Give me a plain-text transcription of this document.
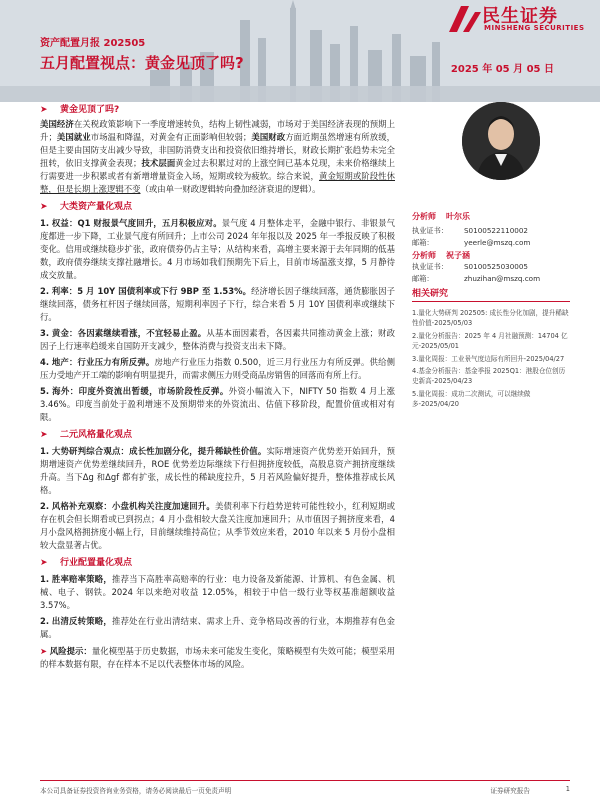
资产配置月报 202505
五月配置视点：黄金见顶了吗?	2025 年 05 月 05 日
民生证券
MINSHENG SECURITIES
➤	黄金见顶了吗?
美国经济在关税政策影响下一季度增速转负，结构上韧性减弱，市场对于美国经济表现的预期上升；美国就业市场温和降温，对黄金有正面影响但较弱；美国财政方面近期虽然增速有所放缓，但是主要由国防支出减少导致，非国防消费支出和投资依旧维持增长，财政长期扩张趋势未完全扭转，依旧支撑黄金表现；技术层面黄金过去积累过对的上涨空间已基本兑现，未来价格继续上行需要进一步积累或者有新增增量资金入场，短期或较为疲软。综合来说，黄金短期或阶段性休整，但是长期上涨逻辑不变（或由单一财政逻辑转向叠加经济衰退的逻辑）。
➤	大类资产量化观点
1. 权益：Q1 财报景气度回升，五月积极应对。景气度 4 月整体走平，金融中银行、非银景气度都进一步下降，工业景气度有所回升；上市公司 2024 年年报以及 2025 年一季报反映了积极变化。信用或继续稳步扩张，政府债券仍占主导；从结构来看，高增主要来源于去年同期的低基数，政府债券继续支撑社融增长。4 月市场如我们预期先下后上，目前市场温涨支撑，5 月静待成交放量。
2. 利率：5 月 10Y 国债利率或下行 9BP 至 1.53%。经济增长因子继续回落，通货膨胀因子继续回落，债务杠杆因子继续回落，短期利率因子下行，综合来看 5 月 10Y 国债利率或继续下行。
3. 黄金：各因素继续看涨，不宜轻易止盈。从基本面因素看，各因素共同推动黄金上涨；财政因子上行速率趋缓来自国防开支减少，整体消费与投资支出未下降。
4. 地产：行业压力有所反弹。房地产行业压力指数 0.500，近三月行业压力有所反弹。供给侧压力受地产开工端的影响有明显提升，而需求侧压力则受商品房销售的回落而有所上行。
5. 海外：印度外资流出暂缓，市场阶段性反弹。外资小幅流入下，NIFTY 50 指数 4 月上涨 3.46%。印度当前处于盈利增速不及预期带来的外资流出、估值下移阶段，配置价值或相对有限。
➤	二元风格量化观点
1. 大势研判综合观点：成长性加剧分化，提升稀缺性价值。实际增速资产优势差开始回升，预期增速资产优势差继续回升，ROE 优势差边际继续下行但拥挤度较低，高股息资产拥挤度继续升高。当下Δg 和Δgf 都有扩张，成长性的稀缺度拉升，5 月若风险偏好提升，整体推荐成长风格。
2. 风格补充观察：小盘机构关注度加速回升。美债利率下行趋势逆转可能性较小，红利短期或存在机会但长期看或已到拐点；4 月小盘相较大盘关注度加速回升；从市值因子拥挤度来看，4 月小盘风格拥挤度小幅上行，目前继续维持高位；从季节效应来看，2010 年以来 5 月份小盘相较大盘显著占优。
➤	行业配置量化观点
1. 胜率赔率策略，推荐当下高胜率高赔率的行业：电力设备及新能源、计算机、有色金属、机械、电子、钢铁。2024 年以来绝对收益 12.05%，相较于中信一级行业等权基准超额收益 3.57%。
2. 出清反转策略，推荐处在行业出清结束、需求上升、竞争格局改善的行业，本期推荐有色金属。
➤ 风险提示：量化模型基于历史数据，市场未来可能发生变化，策略模型有失效可能；模型采用的样本数据有限，存在样本不足以代表整体市场的风险。
分析师 叶尔乐
执业证书： S0100522110002
邮箱：	yeerle@mszq.com
分析师 祝子涵
执业证书： S0100525030005
邮箱：	zhuzihan@mszq.com
相关研究
1.量化大势研判 202505: 成长性分化加剧，提升稀缺性价值-2025/05/03
2.量化分析报告：2025 年 4 月社融预测：14704 亿元-2025/05/01
3.量化周报：工业景气度边际有所回升-2025/04/27
4.基金分析报告：基金季报 2025Q1：港股仓位创历史新高-2025/04/23
5.量化周报：成功二次测试，可以继续做多-2025/04/20
本公司具备证券投资咨询业务资格，请务必阅读最后一页免责声明	证券研究报告	1
